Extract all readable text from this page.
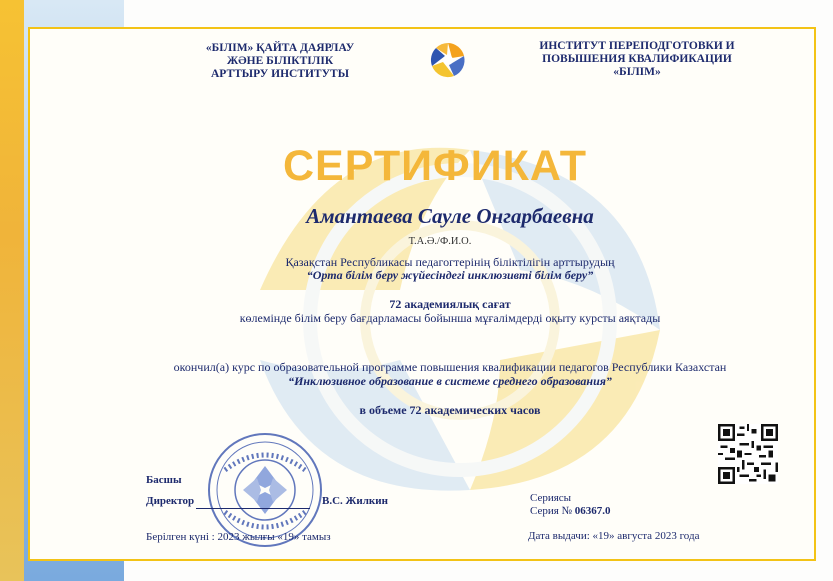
«БІЛІМ» ҚАЙТА ДАЯРЛАУ
ЖӘНЕ БІЛІКТІЛІК
АРТТЫРУ ИНСТИТУТЫ
ИНСТИТУТ ПЕРЕПОДГОТОВКИ И
ПОВЫШЕНИЯ КВАЛИФИКАЦИИ
«БІЛІМ»
СЕРТИФИКАТ
Амантаева Сауле Онгарбаевна
Т.А.Ә./Ф.И.О.
Қазақстан Республикасы педагогтерінің біліктілігін арттырудың
“Орта білім беру жүйесіндегі инклюзивті білім беру”
72 академиялық сағат
көлемінде білім беру бағдарламасы бойынша мұғалімдерді оқыту курсты аяқтады
окончил(а) курс по образовательной программе повышения квалификации педагогов Республики Казахстан
“Инклюзивное образование в системе среднего образования”
в объеме 72 академических часов
Басшы
Директор	В.С. Жилкин	Сериясы
Серия № 06367.0
Берілген күні : 2023 жылғы «19» тамыз	Дата выдачи: «19» августа 2023 года
